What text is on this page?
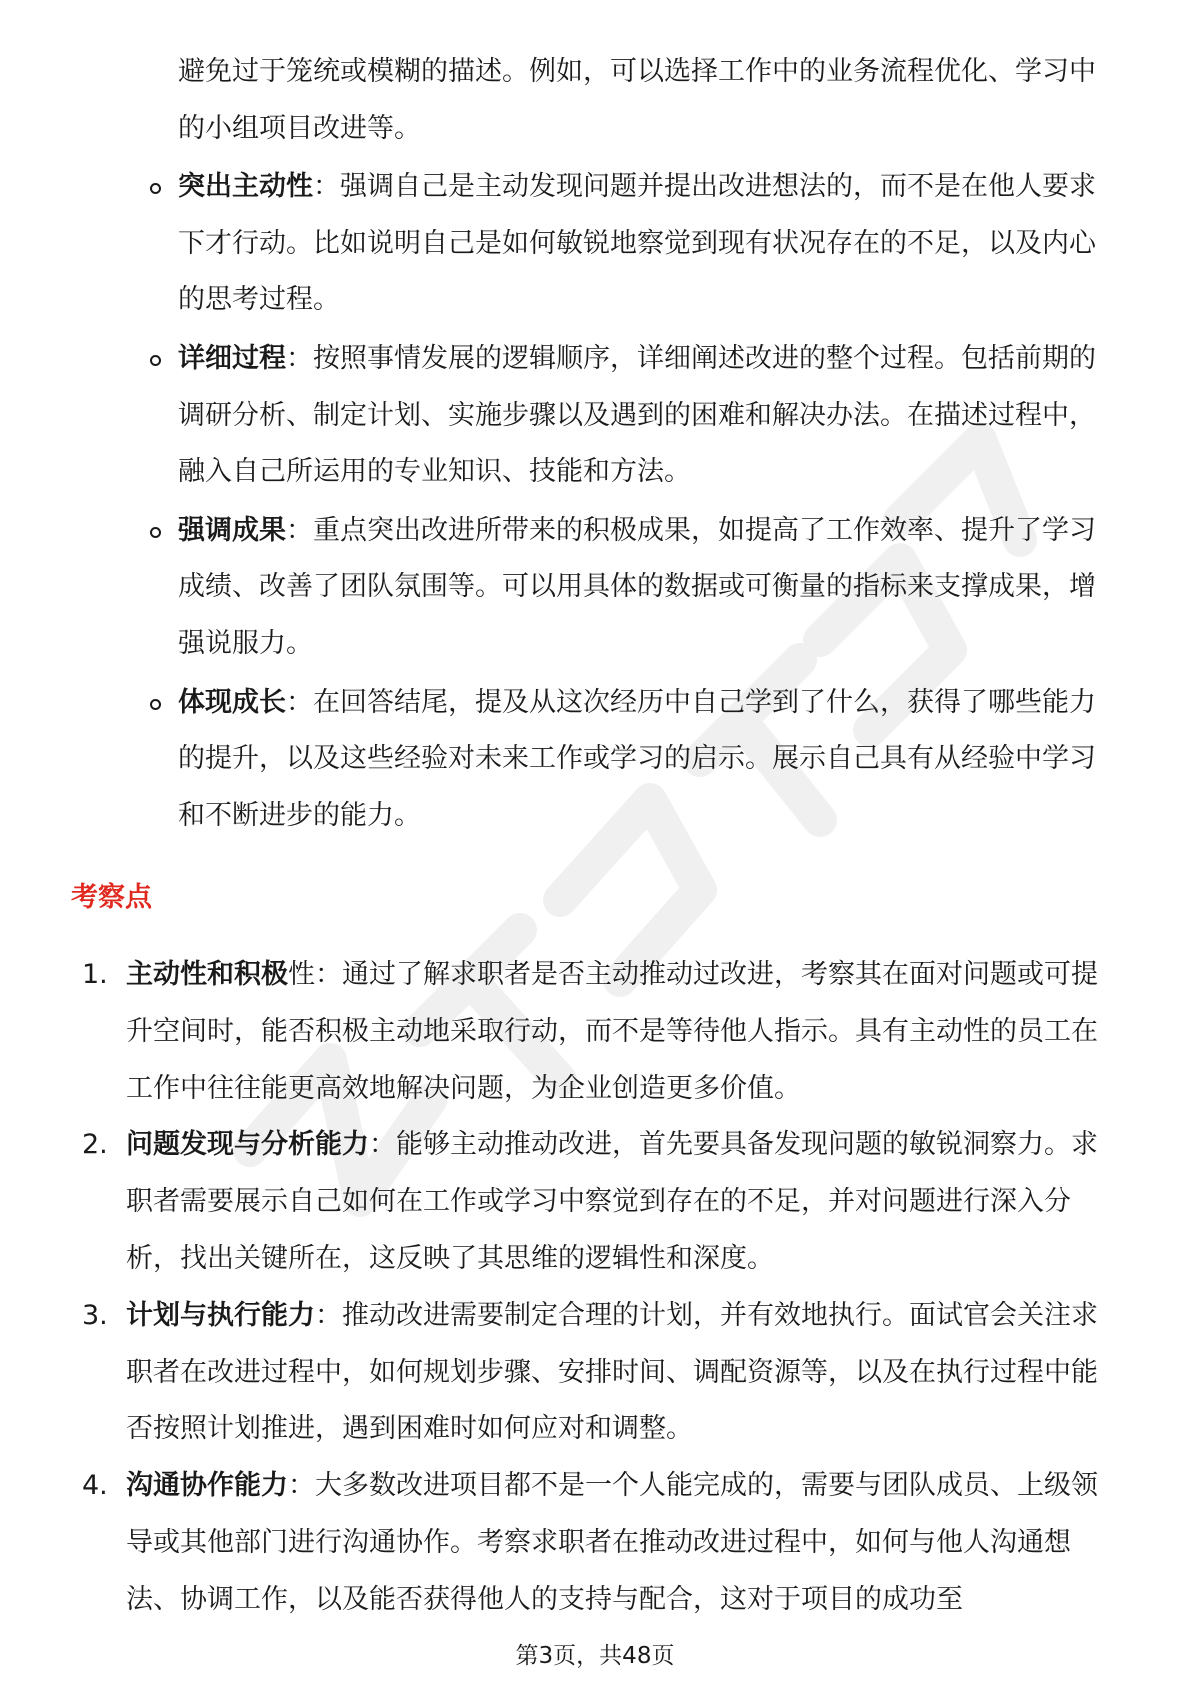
避免过于笼统或模糊的描述。例如，可以选择工作中的业务流程优化、学习中的小组项目改进等。
突出主动性：强调自己是主动发现问题并提出改进想法的，而不是在他人要求下才行动。比如说明自己是如何敏锐地察觉到现有状况存在的不足，以及内心的思考过程。
详细过程：按照事情发展的逻辑顺序，详细阐述改进的整个过程。包括前期的调研分析、制定计划、实施步骤以及遇到的困难和解决办法。在描述过程中，融入自己所运用的专业知识、技能和方法。
强调成果：重点突出改进所带来的积极成果，如提高了工作效率、提升了学习成绩、改善了团队氛围等。可以用具体的数据或可衡量的指标来支撑成果，增强说服力。
体现成长：在回答结尾，提及从这次经历中自己学到了什么，获得了哪些能力的提升，以及这些经验对未来工作或学习的启示。展示自己具有从经验中学习和不断进步的能力。
考察点
1. 主动性和积极性：通过了解求职者是否主动推动过改进，考察其在面对问题或可提升空间时，能否积极主动地采取行动，而不是等待他人指示。具有主动性的员工在工作中往往能更高效地解决问题，为企业创造更多价值。
2. 问题发现与分析能力：能够主动推动改进，首先要具备发现问题的敏锐洞察力。求职者需要展示自己如何在工作或学习中察觉到存在的不足，并对问题进行深入分析，找出关键所在，这反映了其思维的逻辑性和深度。
3. 计划与执行能力：推动改进需要制定合理的计划，并有效地执行。面试官会关注求职者在改进过程中，如何规划步骤、安排时间、调配资源等，以及在执行过程中能否按照计划推进，遇到困难时如何应对和调整。
4. 沟通协作能力：大多数改进项目都不是一个人能完成的，需要与团队成员、上级领导或其他部门进行沟通协作。考察求职者在推动改进过程中，如何与他人沟通想法、协调工作，以及能否获得他人的支持与配合，这对于项目的成功至
第3页，共48页
